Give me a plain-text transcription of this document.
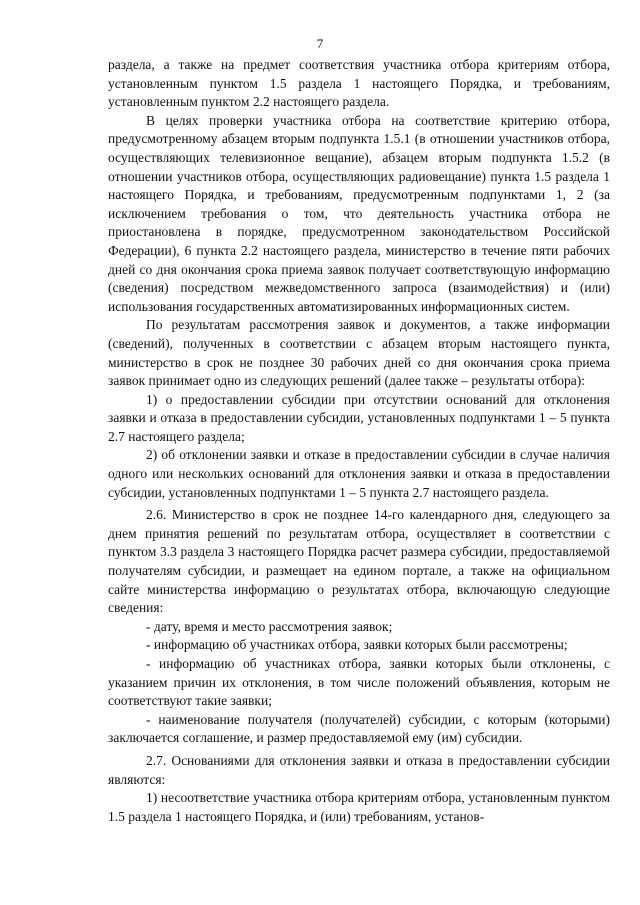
7

раздела, а также на предмет соответствия участника отбора критериям отбора, установленным пунктом 1.5 раздела 1 настоящего Порядка, и требованиям, установленным пунктом 2.2 настоящего раздела.

В целях проверки участника отбора на соответствие критерию отбора, предусмотренному абзацем вторым подпункта 1.5.1 (в отношении участников отбора, осуществляющих телевизионное вещание), абзацем вторым подпункта 1.5.2 (в отношении участников отбора, осуществляющих радиовещание) пункта 1.5 раздела 1 настоящего Порядка, и требованиям, предусмотренным подпунктами 1, 2 (за исключением требования о том, что деятельность участника отбора не приостановлена в порядке, предусмотренном законодательством Российской Федерации), 6 пункта 2.2 настоящего раздела, министерство в течение пяти рабочих дней со дня окончания срока приема заявок получает соответствующую информацию (сведения) посредством межведомственного запроса (взаимодействия) и (или) использования государственных автоматизированных информационных систем.

По результатам рассмотрения заявок и документов, а также информации (сведений), полученных в соответствии с абзацем вторым настоящего пункта, министерство в срок не позднее 30 рабочих дней со дня окончания срока приема заявок принимает одно из следующих решений (далее также – результаты отбора):

1) о предоставлении субсидии при отсутствии оснований для отклонения заявки и отказа в предоставлении субсидии, установленных подпунктами 1 – 5 пункта 2.7 настоящего раздела;

2) об отклонении заявки и отказе в предоставлении субсидии в случае наличия одного или нескольких оснований для отклонения заявки и отказа в предоставлении субсидии, установленных подпунктами 1 – 5 пункта 2.7 настоящего раздела.

2.6. Министерство в срок не позднее 14-го календарного дня, следующего за днем принятия решений по результатам отбора, осуществляет в соответствии с пунктом 3.3 раздела 3 настоящего Порядка расчет размера субсидии, предоставляемой получателям субсидии, и размещает на едином портале, а также на официальном сайте министерства информацию о результатах отбора, включающую следующие сведения:

- дату, время и место рассмотрения заявок;

- информацию об участниках отбора, заявки которых были рассмотрены;

- информацию об участниках отбора, заявки которых были отклонены, с указанием причин их отклонения, в том числе положений объявления, которым не соответствуют такие заявки;

- наименование получателя (получателей) субсидии, с которым (которыми) заключается соглашение, и размер предоставляемой ему (им) субсидии.

2.7. Основаниями для отклонения заявки и отказа в предоставлении субсидии являются:

1) несоответствие участника отбора критериям отбора, установленным пунктом 1.5 раздела 1 настоящего Порядка, и (или) требованиям, установ-
